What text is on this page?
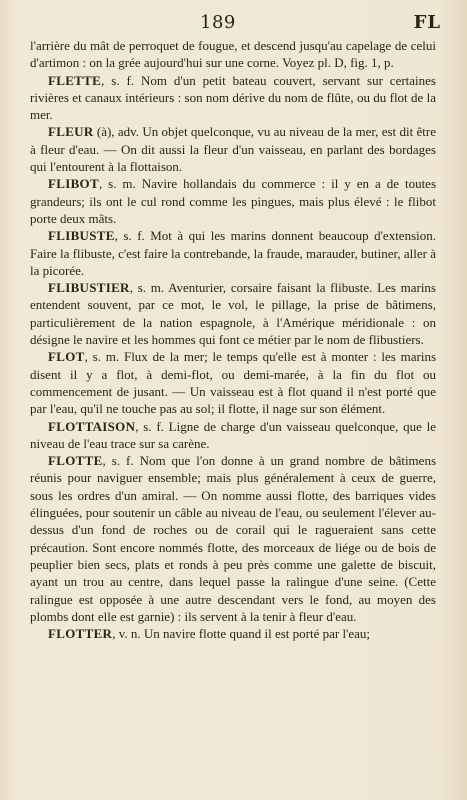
189	FL

l'arrière du mât de perroquet de fougue, et descend jusqu'au capelage de celui d'artimon : on la grée aujourd'hui sur une corne. Voyez pl. D, fig. 1, p.

FLETTE, s. f. Nom d'un petit bateau couvert, servant sur certaines rivières et canaux intérieurs : son nom dérive du nom de flûte, ou du flot de la mer.

FLEUR (à), adv. Un objet quelconque, vu au niveau de la mer, est dit être à fleur d'eau. — On dit aussi la fleur d'un vaisseau, en parlant des bordages qui l'entourent à la flottaison.

FLIBOT, s. m. Navire hollandais du commerce : il y en a de toutes grandeurs; ils ont le cul rond comme les pingues, mais plus élevé : le flibot porte deux mâts.

FLIBUSTE, s. f. Mot à qui les marins donnent beaucoup d'extension. Faire la flibuste, c'est faire la contrebande, la fraude, marauder, butiner, aller à la picorée.

FLIBUSTIER, s. m. Aventurier, corsaire faisant la flibuste. Les marins entendent souvent, par ce mot, le vol, le pillage, la prise de bâtimens, particulièrement de la nation espagnole, à l'Amérique méridionale : on désigne le navire et les hommes qui font ce métier par le nom de flibustiers.

FLOT, s. m. Flux de la mer; le temps qu'elle est à monter : les marins disent il y a flot, à demi-flot, ou demi-marée, à la fin du flot ou commencement de jusant. — Un vaisseau est à flot quand il n'est porté que par l'eau, qu'il ne touche pas au sol; il flotte, il nage sur son élément.

FLOTTAISON, s. f. Ligne de charge d'un vaisseau quelconque, que le niveau de l'eau trace sur sa carène.

FLOTTE, s. f. Nom que l'on donne à un grand nombre de bâtimens réunis pour naviguer ensemble; mais plus généralement à ceux de guerre, sous les ordres d'un amiral. — On nomme aussi flotte, des barriques vides élinguées, pour soutenir un câble au niveau de l'eau, ou seulement l'élever au-dessus d'un fond de roches ou de corail qui le ragueraient sans cette précaution. Sont encore nommés flotte, des morceaux de liége ou de bois de peuplier bien secs, plats et ronds à peu près comme une galette de biscuit, ayant un trou au centre, dans lequel passe la ralingue d'une seine. (Cette ralingue est opposée à une autre descendant vers le fond, au moyen des plombs dont elle est garnie) : ils servent à la tenir à fleur d'eau.

FLOTTER, v. n. Un navire flotte quand il est porté par l'eau;
